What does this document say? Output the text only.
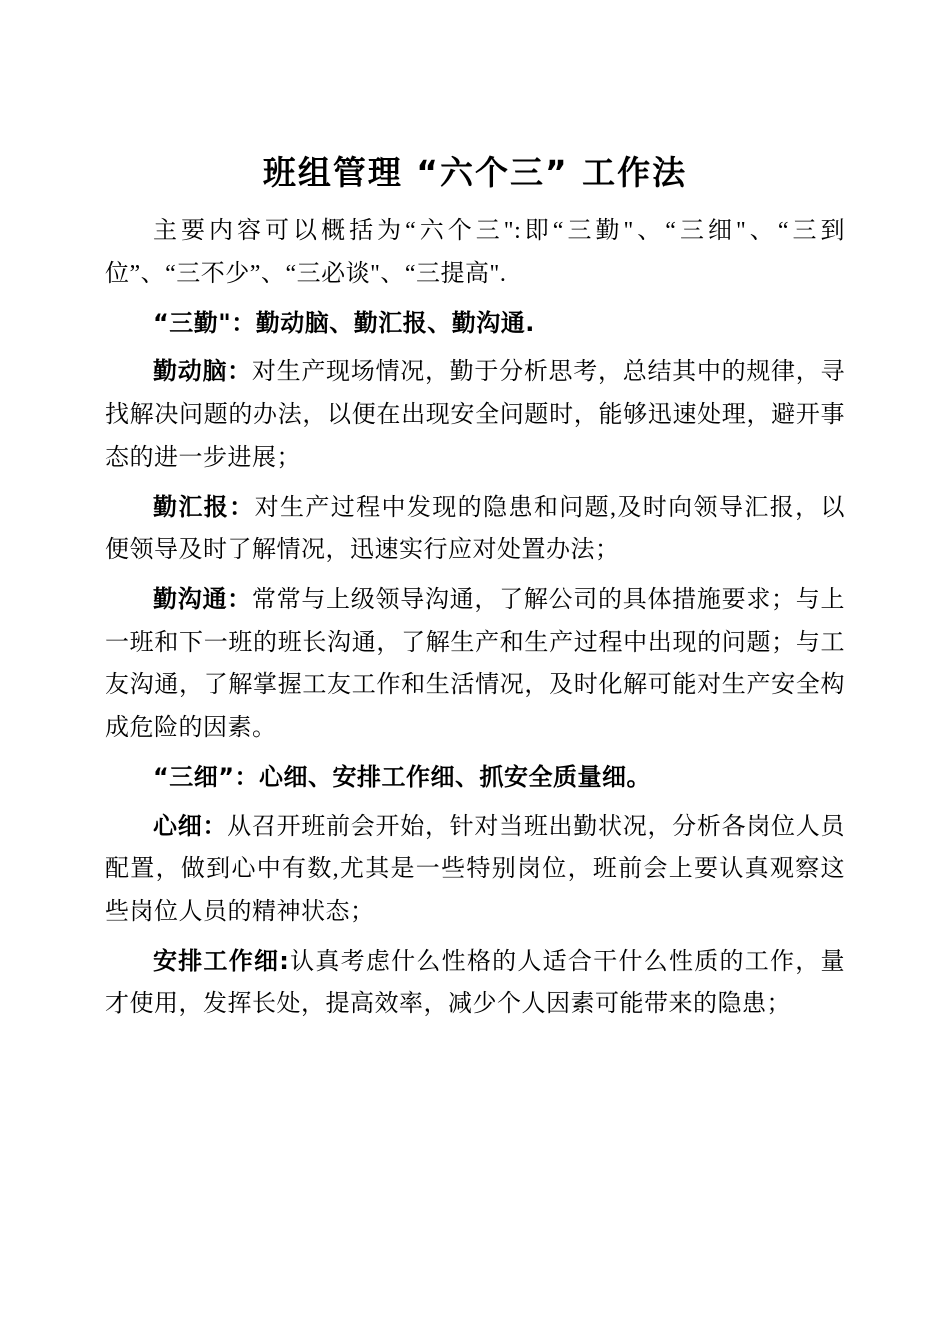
班组管理 “六个三” 工作法

主要内容可以概括为“六个三":即“三勤"、“三细"、“三到位”、“三不少”、“三必谈"、“三提高".

“三勤"：勤动脑、勤汇报、勤沟通.

勤动脑：对生产现场情况，勤于分析思考，总结其中的规律，寻找解决问题的办法，以便在出现安全问题时，能够迅速处理，避开事态的进一步进展；

勤汇报：对生产过程中发现的隐患和问题,及时向领导汇报，以便领导及时了解情况，迅速实行应对处置办法；

勤沟通：常常与上级领导沟通，了解公司的具体措施要求；与上一班和下一班的班长沟通，了解生产和生产过程中出现的问题；与工友沟通，了解掌握工友工作和生活情况，及时化解可能对生产安全构成危险的因素。

“三细”：心细、安排工作细、抓安全质量细。

心细：从召开班前会开始，针对当班出勤状况，分析各岗位人员配置，做到心中有数,尤其是一些特别岗位，班前会上要认真观察这些岗位人员的精神状态；

安排工作细:认真考虑什么性格的人适合干什么性质的工作，量才使用，发挥长处，提高效率，减少个人因素可能带来的隐患；
